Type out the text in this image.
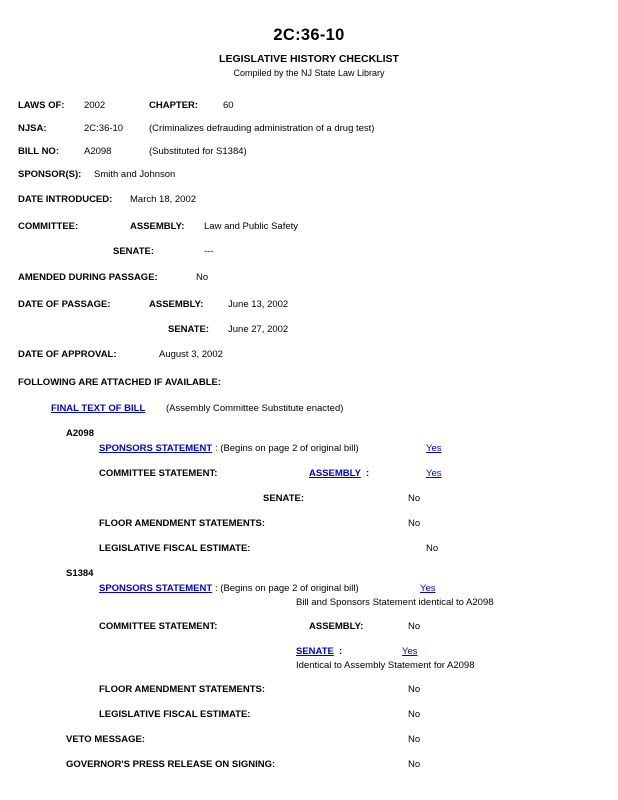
2C:36-10
LEGISLATIVE HISTORY CHECKLIST
Compiled by the NJ State Law Library
LAWS OF: 2002	CHAPTER:	60
NJSA:	2C:36-10	(Criminalizes defrauding administration of a drug test)
BILL NO:	A2098	(Substituted for S1384)
SPONSOR(S): Smith and Johnson
DATE INTRODUCED: March 18, 2002
COMMITTEE:	ASSEMBLY: Law and Public Safety
SENATE:	---
AMENDED DURING PASSAGE:	No
DATE OF PASSAGE:	ASSEMBLY:	June 13, 2002
SENATE: June 27, 2002
DATE OF APPROVAL:	August 3, 2002
FOLLOWING ARE ATTACHED IF AVAILABLE:
FINAL TEXT OF BILL (Assembly Committee Substitute enacted)
A2098
SPONSORS STATEMENT : (Begins on page 2 of original bill)	Yes
COMMITTEE STATEMENT:	ASSEMBLY :	Yes
SENATE:	No
FLOOR AMENDMENT STATEMENTS:	No
LEGISLATIVE FISCAL ESTIMATE:	No
S1384
SPONSORS STATEMENT : (Begins on page 2 of original bill)	Yes
Bill and Sponsors Statement identical to A2098
COMMITTEE STATEMENT:	ASSEMBLY:	No
SENATE :	Yes
Identical to Assembly Statement for A2098
FLOOR AMENDMENT STATEMENTS:	No
LEGISLATIVE FISCAL ESTIMATE:	No
VETO MESSAGE:	No
GOVERNOR'S PRESS RELEASE ON SIGNING:	No
